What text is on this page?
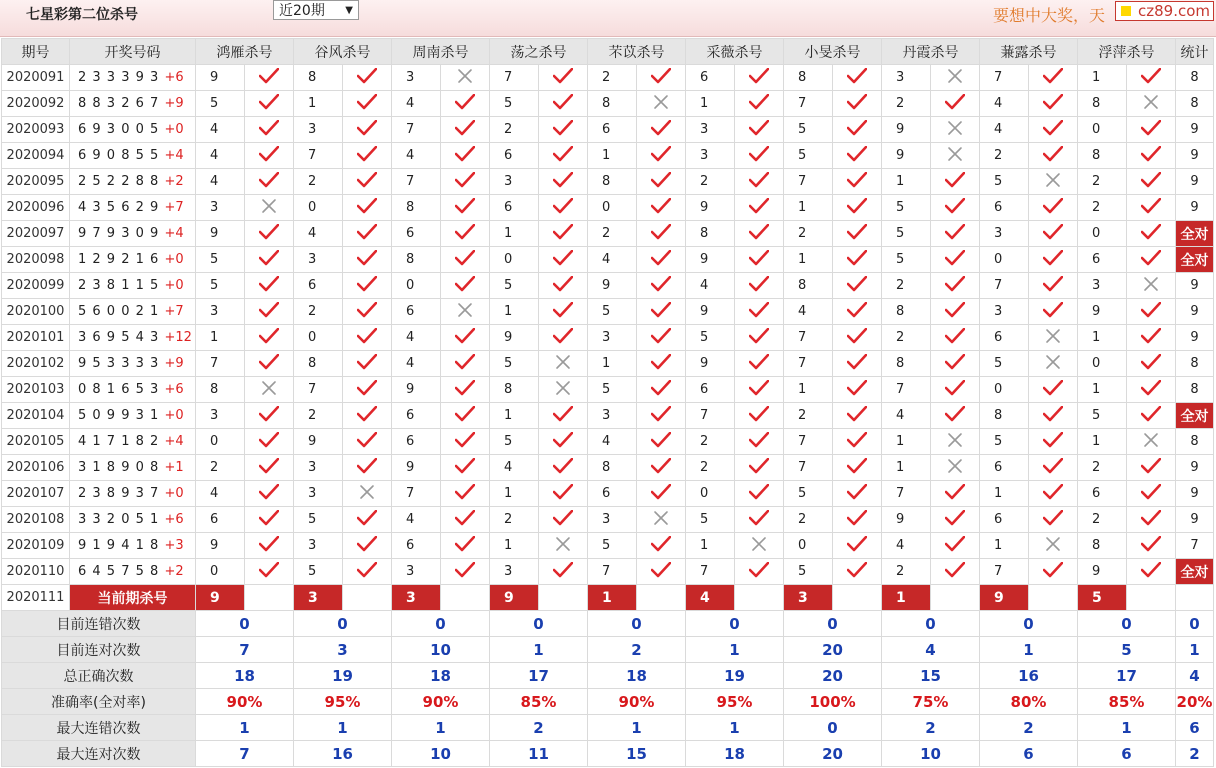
七星彩第二位杀号	近20期 ▼	要想中大奖，天	cz89.com
期号	开奖号码	鸿雁杀号		谷风杀号		周南杀号		荡之杀号		芣苡杀号		采薇杀号		小旻杀号		丹霞杀号		蒹露杀号		浮萍杀号		统计
2020091	2 3 3 3 9 3 +6	9		8		3		7		2		6		8		3		7		1		8
2020092	8 8 3 2 6 7 +9	5		1		4		5		8		1		7		2		4		8		8
2020093	6 9 3 0 0 5 +0	4		3		7		2		6		3		5		9		4		0		9
2020094	6 9 0 8 5 5 +4	4		7		4		6		1		3		5		9		2		8		9
2020095	2 5 2 2 8 8 +2	4		2		7		3		8		2		7		1		5		2		9
2020096	4 3 5 6 2 9 +7	3		0		8		6		0		9		1		5		6		2		9
2020097	9 7 9 3 0 9 +4	9		4		6		1		2		8		2		5		3		0		全对
2020098	1 2 9 2 1 6 +0	5		3		8		0		4		9		1		5		0		6		全对
2020099	2 3 8 1 1 5 +0	5		6		0		5		9		4		8		2		7		3		9
2020100	5 6 0 0 2 1 +7	3		2		6		1		5		9		4		8		3		9		9
2020101	3 6 9 5 4 3 +12	1		0		4		9		3		5		7		2		6		1		9
2020102	9 5 3 3 3 3 +9	7		8		4		5		1		9		7		8		5		0		8
2020103	0 8 1 6 5 3 +6	8		7		9		8		5		6		1		7		0		1		8
2020104	5 0 9 9 3 1 +0	3		2		6		1		3		7		2		4		8		5		全对
2020105	4 1 7 1 8 2 +4	0		9		6		5		4		2		7		1		5		1		8
2020106	3 1 8 9 0 8 +1	2		3		9		4		8		2		7		1		6		2		9
2020107	2 3 8 9 3 7 +0	4		3		7		1		6		0		5		7		1		6		9
2020108	3 3 2 0 5 1 +6	6		5		4		2		3		5		2		9		6		2		9
2020109	9 1 9 4 1 8 +3	9		3		6		1		5		1		0		4		1		8		7
2020110	6 4 5 7 5 8 +2	0		5		3		3		7		7		5		2		7		9		全对
2020111	当前期杀号	9		3		3		9		1		4		3		1		9		5		
目前连错次数		0		0		0		0		0		0		0		0		0		0		0
目前连对次数		7		3		10		1		2		1		20		4		1		5		1
总正确次数		18		19		18		17		18		19		20		15		16		17		4
准确率(全对率)		90%		95%		90%		85%		90%		95%		100%		75%		80%		85%		20%
最大连错次数		1		1		1		2		1		1		0		2		2		1		6
最大连对次数		7		16		10		11		15		18		20		10		6		6		2
